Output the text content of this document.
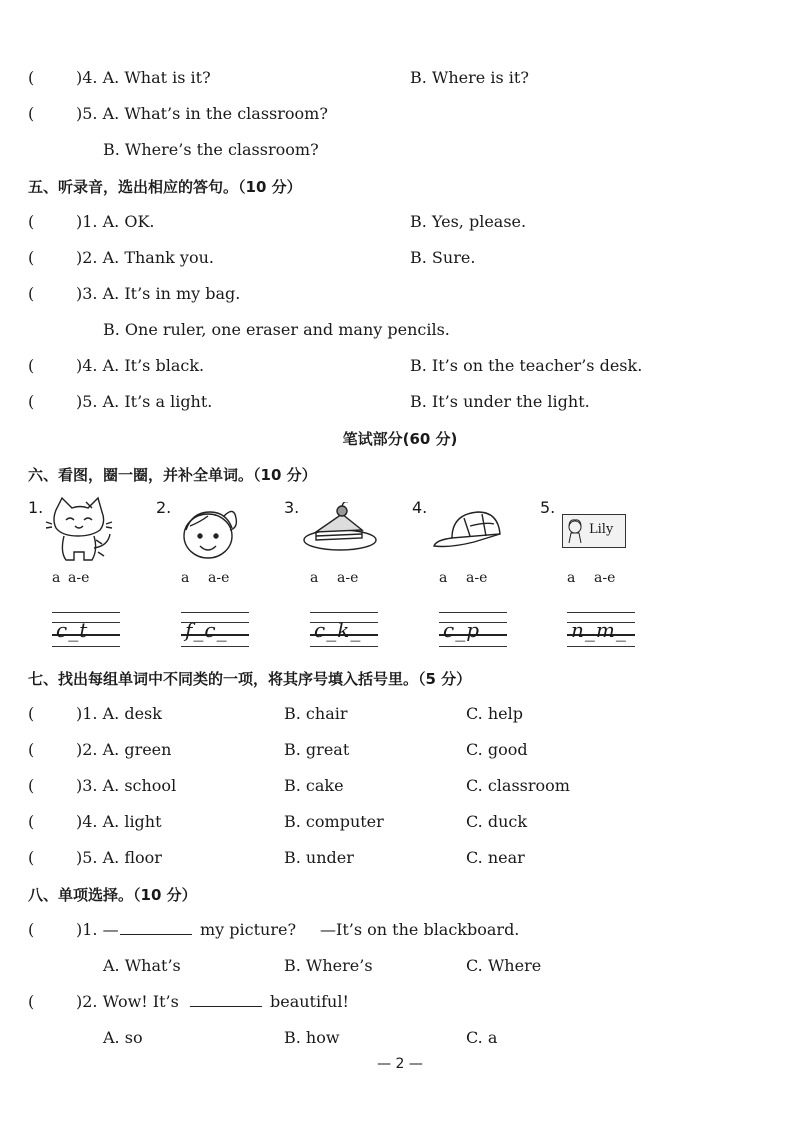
(	)4. A. What is it?	B. Where is it?
(	)5. A. What’s in the classroom?
B. Where’s the classroom?
五、听录音，选出相应的答句。（10 分）
(	)1. A. OK.	B. Yes, please.
(	)2. A. Thank you.	B. Sure.
(	)3. A. It’s in my bag.
B. One ruler, one eraser and many pencils.
(	)4. A. It’s black.	B. It’s on the teacher’s desk.
(	)5. A. It’s a light.	B. It’s under the light.
笔试部分(60 分)
六、看图，圈一圈，并补全单词。（10 分）
1.	2.	3.	4.	5.
Lily
a a-e	a a-e	a a-e	a a-e	a a-e
c_t	f_c_	c_k_	c_p	n_m_
七、找出每组单词中不同类的一项，将其序号填入括号里。（5 分）
(	)1. A. desk	B. chair	C. help
(	)2. A. green	B. great	C. good
(	)3. A. school	B. cake	C. classroom
(	)4. A. light	B. computer	C. duck
(	)5. A. floor	B. under	C. near
八、单项选择。（10 分）
(	)1. —	my picture? —It’s on the blackboard.
A. What’s	B. Where’s	C. Where
(	)2. Wow! It’s	beautiful!
A. so	B. how	C. a
— 2 —
